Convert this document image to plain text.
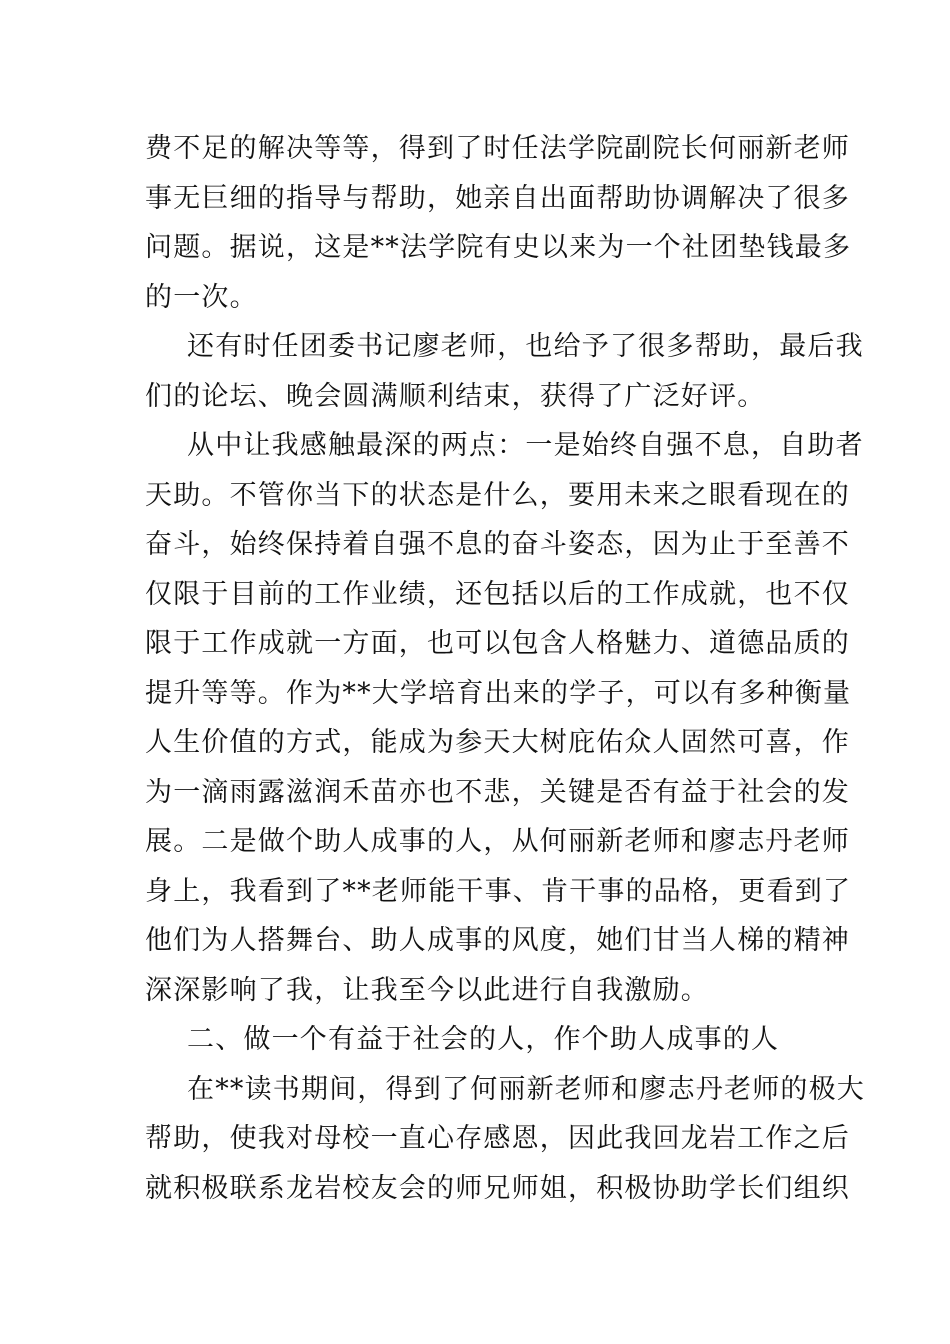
费不足的解决等等，得到了时任法学院副院长何丽新老师
事无巨细的指导与帮助，她亲自出面帮助协调解决了很多
问题。据说，这是**法学院有史以来为一个社团垫钱最多
的一次。
还有时任团委书记廖老师，也给予了很多帮助，最后我
们的论坛、晚会圆满顺利结束，获得了广泛好评。
从中让我感触最深的两点：一是始终自强不息，自助者
天助。不管你当下的状态是什么，要用未来之眼看现在的
奋斗，始终保持着自强不息的奋斗姿态，因为止于至善不
仅限于目前的工作业绩，还包括以后的工作成就，也不仅
限于工作成就一方面，也可以包含人格魅力、道德品质的
提升等等。作为**大学培育出来的学子，可以有多种衡量
人生价值的方式，能成为参天大树庇佑众人固然可喜，作
为一滴雨露滋润禾苗亦也不悲，关键是否有益于社会的发
展。二是做个助人成事的人，从何丽新老师和廖志丹老师
身上，我看到了**老师能干事、肯干事的品格，更看到了
他们为人搭舞台、助人成事的风度，她们甘当人梯的精神
深深影响了我，让我至今以此进行自我激励。
二、做一个有益于社会的人，作个助人成事的人
在**读书期间，得到了何丽新老师和廖志丹老师的极大
帮助，使我对母校一直心存感恩，因此我回龙岩工作之后
就积极联系龙岩校友会的师兄师姐，积极协助学长们组织
